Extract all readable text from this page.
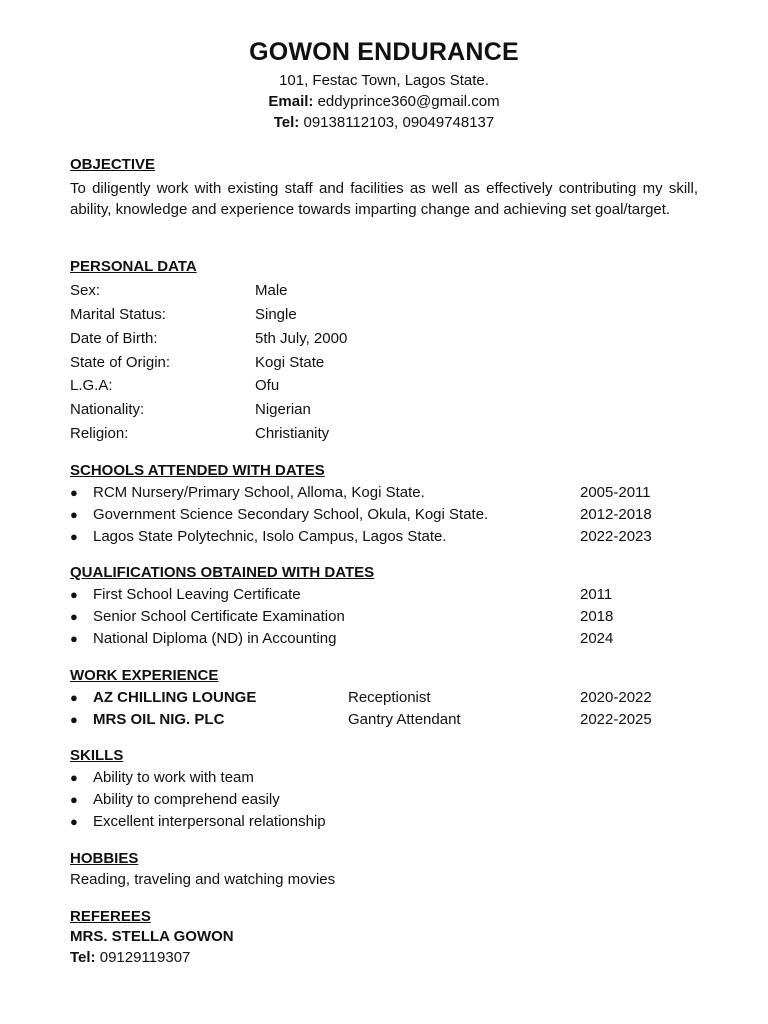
GOWON ENDURANCE
101, Festac Town, Lagos State.
Email: eddyprince360@gmail.com
Tel: 09138112103, 09049748137
OBJECTIVE
To diligently work with existing staff and facilities as well as effectively contributing my skill, ability, knowledge and experience towards imparting change and achieving set goal/target.
PERSONAL DATA
Sex:	Male
Marital Status:	Single
Date of Birth:	5th July, 2000
State of Origin:	Kogi State
L.G.A:	Ofu
Nationality:	Nigerian
Religion:	Christianity
SCHOOLS ATTENDED WITH DATES
● RCM Nursery/Primary School, Alloma, Kogi State.	2005-2011
● Government Science Secondary School, Okula, Kogi State.	2012-2018
● Lagos State Polytechnic, Isolo Campus, Lagos State.	2022-2023
QUALIFICATIONS OBTAINED WITH DATES
● First School Leaving Certificate	2011
● Senior School Certificate Examination	2018
● National Diploma (ND) in Accounting	2024
WORK EXPERIENCE
● AZ CHILLING LOUNGE	Receptionist	2020-2022
● MRS OIL NIG. PLC	Gantry Attendant	2022-2025
SKILLS
● Ability to work with team
● Ability to comprehend easily
● Excellent interpersonal relationship
HOBBIES
Reading, traveling and watching movies
REFEREES
MRS. STELLA GOWON
Tel: 09129119307
